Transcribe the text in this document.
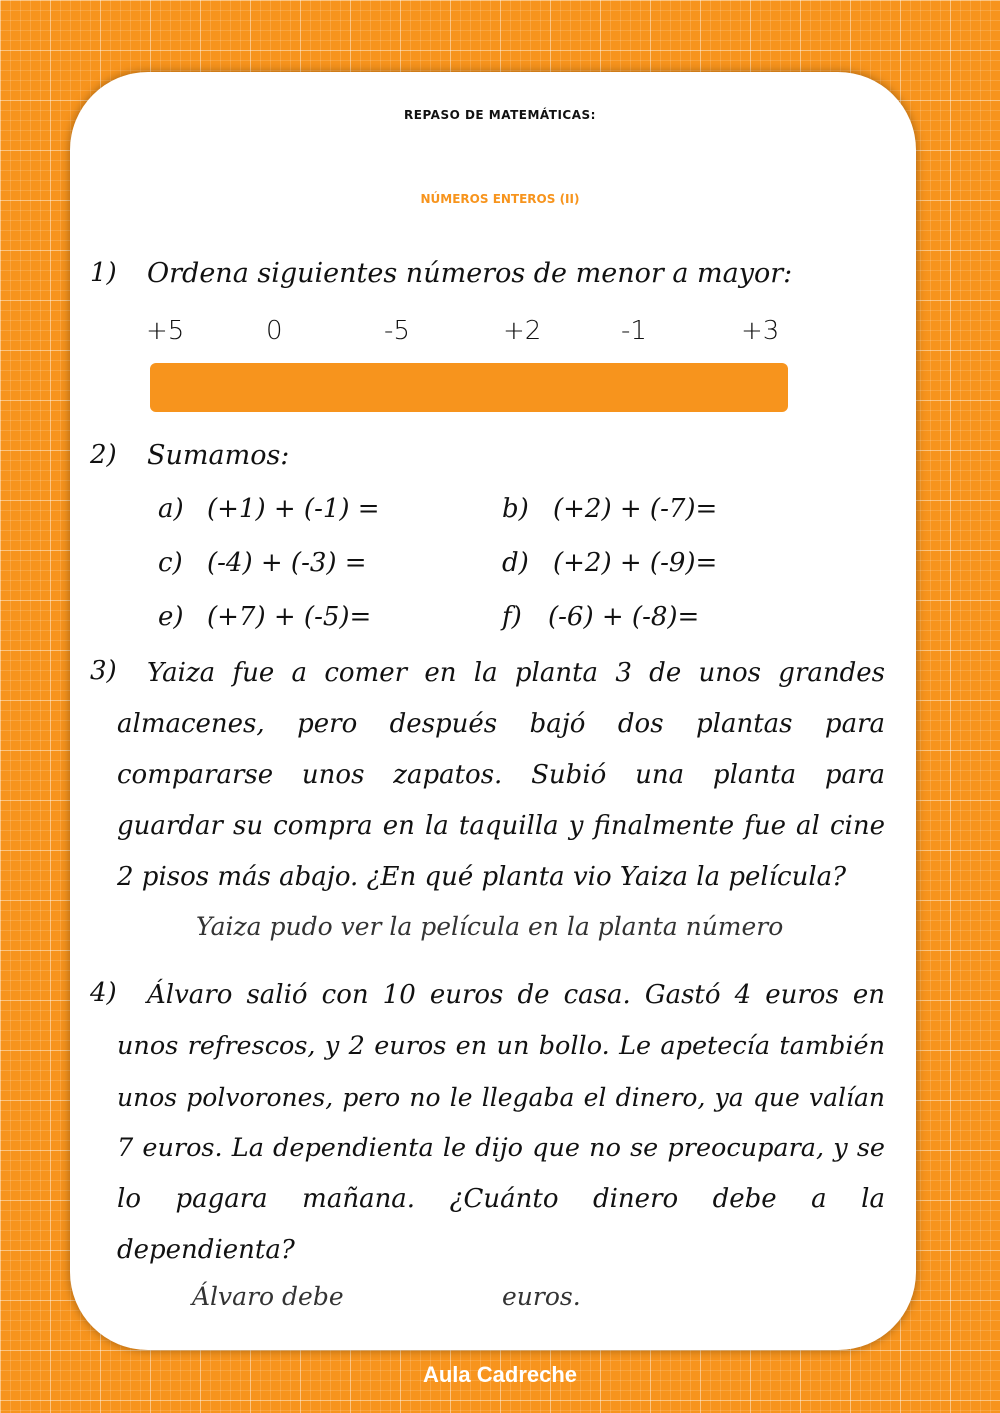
REPASO DE MATEMÁTICAS:
NÚMEROS ENTEROS (II)
1) Ordena siguientes números de menor a mayor:
+5	0	-5	+2	-1	+3
2) Sumamos:
a) (+1) + (-1) =	b) (+2) + (-7)=
c) (-4) + (-3) =	d) (+2) + (-9)=
e) (+7) + (-5)=	f) (-6) + (-8)=
3) Yaiza fue a comer en la planta 3 de unos grandes
almacenes, pero después bajó dos plantas para
compararse unos zapatos. Subió una planta para
guardar su compra en la taquilla y finalmente fue al cine
2 pisos más abajo. ¿En qué planta vio Yaiza la película?
Yaiza pudo ver la película en la planta número
4) Álvaro salió con 10 euros de casa. Gastó 4 euros en
unos refrescos, y 2 euros en un bollo. Le apetecía también
unos polvorones, pero no le llegaba el dinero, ya que valían
7 euros. La dependienta le dijo que no se preocupara, y se
lo pagara mañana. ¿Cuánto dinero debe a la
dependienta?
Álvaro debe	euros.
Aula Cadreche
